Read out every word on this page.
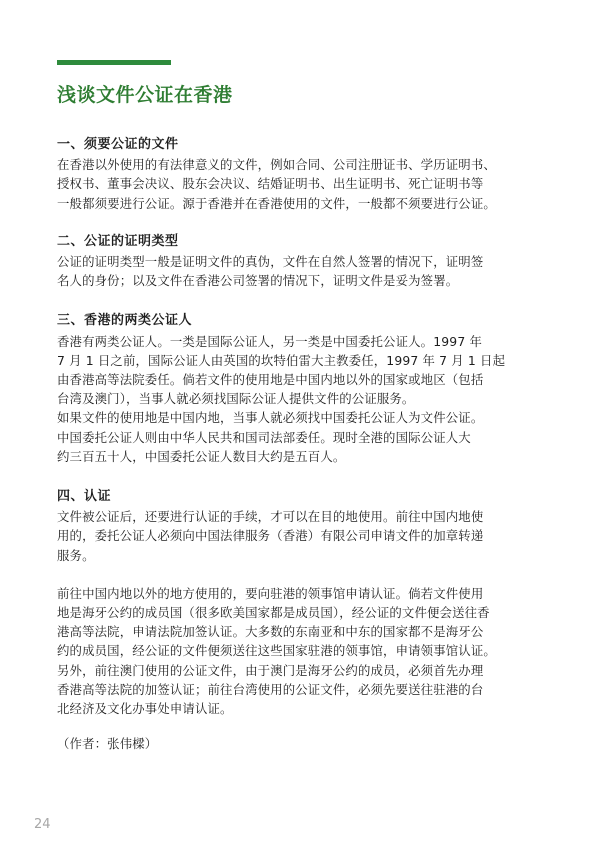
浅谈文件公证在香港
一、须要公证的文件
在香港以外使用的有法律意义的文件，例如合同、公司注册证书、学历证明书、
授权书、董事会决议、股东会决议、结婚证明书、出生证明书、死亡证明书等
一般都须要进行公证。源于香港并在香港使用的文件，一般都不须要进行公证。
二、公证的证明类型
公证的证明类型一般是证明文件的真伪，文件在自然人签署的情况下，证明签
名人的身份；以及文件在香港公司签署的情况下，证明文件是妥为签署。
三、香港的两类公证人
香港有两类公证人。一类是国际公证人，另一类是中国委托公证人。1997 年
7 月 1 日之前，国际公证人由英国的坎特伯雷大主教委任，1997 年 7 月 1 日起
由香港高等法院委任。倘若文件的使用地是中国内地以外的国家或地区（包括
台湾及澳门），当事人就必须找国际公证人提供文件的公证服务。
如果文件的使用地是中国内地，当事人就必须找中国委托公证人为文件公证。
中国委托公证人则由中华人民共和国司法部委任。现时全港的国际公证人大
约三百五十人，中国委托公证人数目大约是五百人。
四、认证
文件被公证后，还要进行认证的手续，才可以在目的地使用。前往中国内地使
用的，委托公证人必须向中国法律服务（香港）有限公司申请文件的加章转递
服务。
前往中国内地以外的地方使用的，要向驻港的领事馆申请认证。倘若文件使用
地是海牙公约的成员国（很多欧美国家都是成员国），经公证的文件便会送往香
港高等法院，申请法院加签认证。大多数的东南亚和中东的国家都不是海牙公
约的成员国，经公证的文件便须送往这些国家驻港的领事馆，申请领事馆认证。
另外，前往澳门使用的公证文件，由于澳门是海牙公约的成员，必须首先办理
香港高等法院的加签认证；前往台湾使用的公证文件，必须先要送往驻港的台
北经济及文化办事处申请认证。
（作者：张伟樑）
24
